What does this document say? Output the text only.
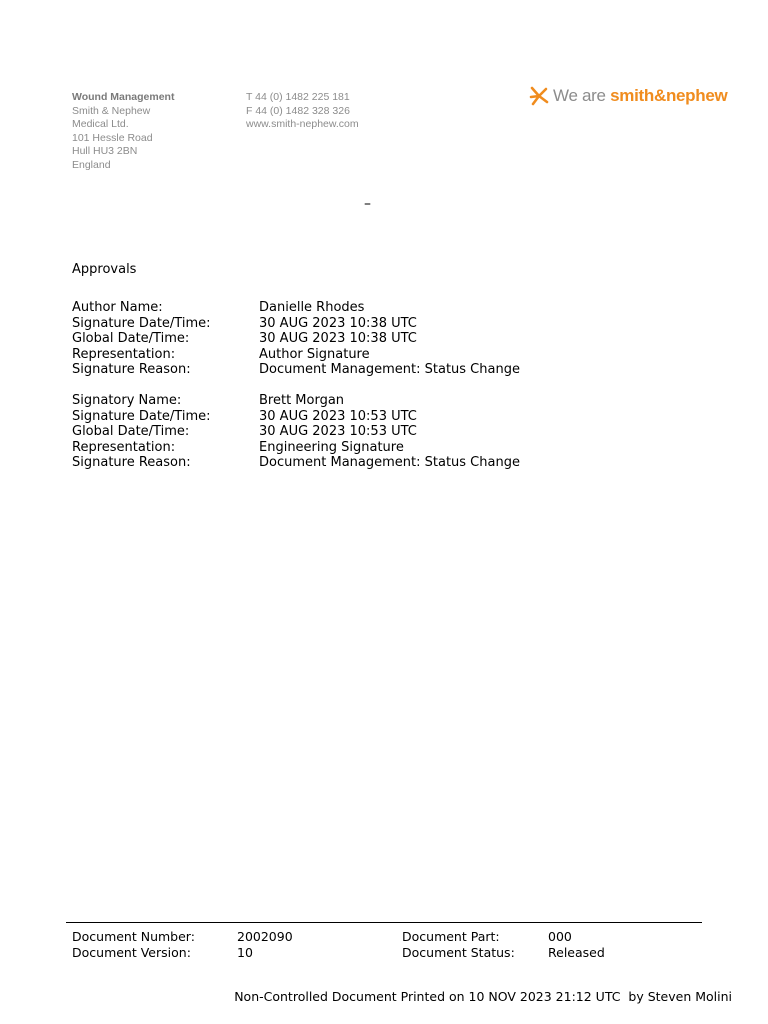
Wound Management
Smith & Nephew
Medical Ltd.
101 Hessle Road
Hull HU3 2BN
England
T 44 (0) 1482 225 181
F 44 (0) 1482 328 326
www.smith-nephew.com
We are smith&nephew
–
Approvals
Author Name:	Danielle Rhodes
Signature Date/Time:	30 AUG 2023 10:38 UTC
Global Date/Time:	30 AUG 2023 10:38 UTC
Representation:	Author Signature
Signature Reason:	Document Management: Status Change
Signatory Name:	Brett Morgan
Signature Date/Time:	30 AUG 2023 10:53 UTC
Global Date/Time:	30 AUG 2023 10:53 UTC
Representation:	Engineering Signature
Signature Reason:	Document Management: Status Change
Document Number:	2002090	Document Part:	000
Document Version:	10	Document Status:	Released
Non-Controlled Document Printed on 10 NOV 2023 21:12 UTC  by Steven Molini
